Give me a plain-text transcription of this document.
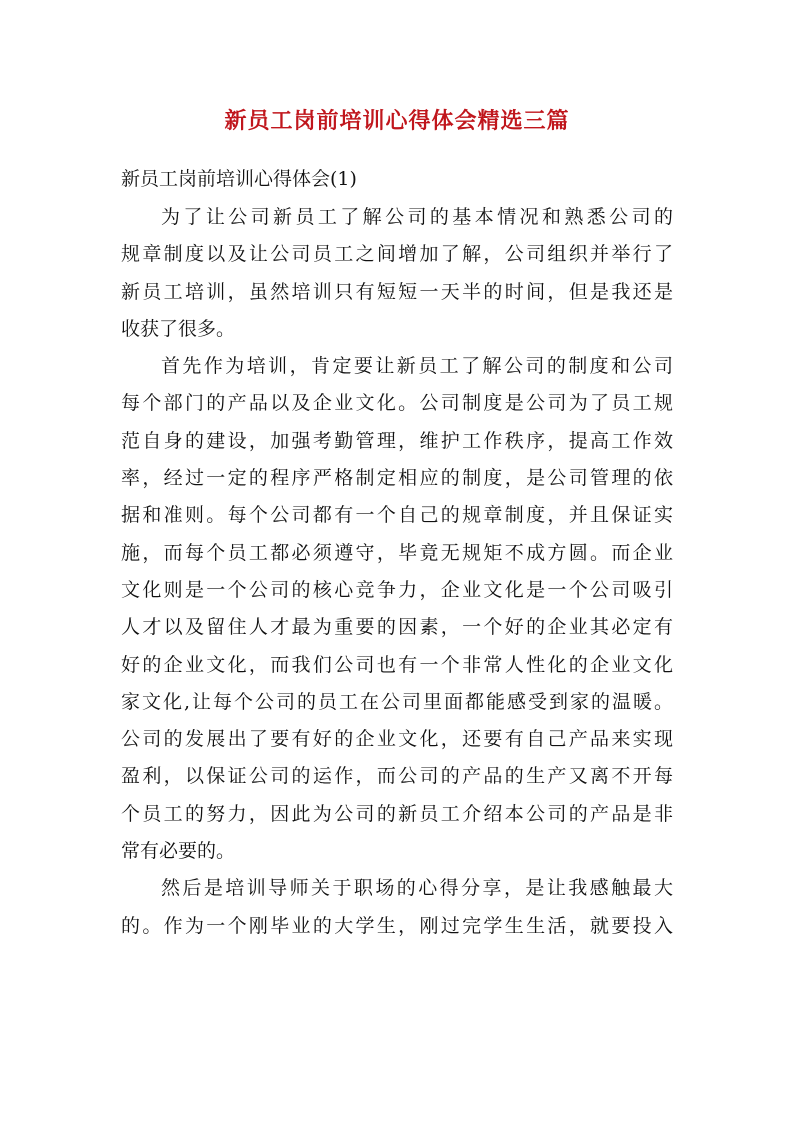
新员工岗前培训心得体会精选三篇

新员工岗前培训心得体会(1)

为了让公司新员工了解公司的基本情况和熟悉公司的
规章制度以及让公司员工之间增加了解，公司组织并举行了
新员工培训，虽然培训只有短短一天半的时间，但是我还是
收获了很多。

首先作为培训，肯定要让新员工了解公司的制度和公司
每个部门的产品以及企业文化。公司制度是公司为了员工规
范自身的建设，加强考勤管理，维护工作秩序，提高工作效
率，经过一定的程序严格制定相应的制度，是公司管理的依
据和准则。每个公司都有一个自己的规章制度，并且保证实
施，而每个员工都必须遵守，毕竟无规矩不成方圆。而企业
文化则是一个公司的核心竞争力，企业文化是一个公司吸引
人才以及留住人才最为重要的因素，一个好的企业其必定有
好的企业文化，而我们公司也有一个非常人性化的企业文化
家文化,让每个公司的员工在公司里面都能感受到家的温暖。
公司的发展出了要有好的企业文化，还要有自己产品来实现
盈利，以保证公司的运作，而公司的产品的生产又离不开每
个员工的努力，因此为公司的新员工介绍本公司的产品是非
常有必要的。

然后是培训导师关于职场的心得分享，是让我感触最大
的。作为一个刚毕业的大学生，刚过完学生生活，就要投入
